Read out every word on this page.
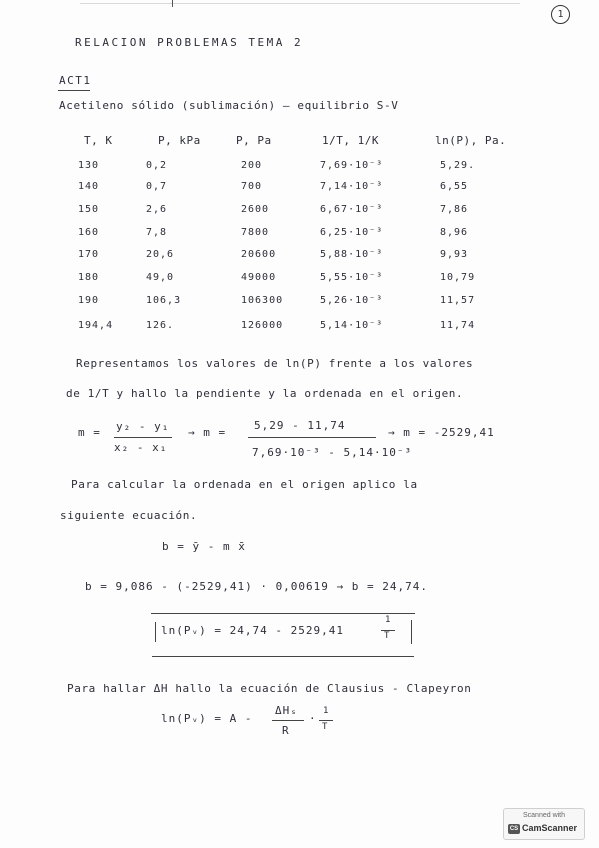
1
RELACION PROBLEMAS TEMA 2
ACT1
Acetileno sólido (sublimación) — equilibrio S-V
T, K	P, kPa	P, Pa	1/T, 1/K	ln(P), Pa.
130	0,2	200	7,69·10⁻³	5,29.
140	0,7	700	7,14·10⁻³	6,55
150	2,6	2600	6,67·10⁻³	7,86
160	7,8	7800	6,25·10⁻³	8,96
170	20,6	20600	5,88·10⁻³	9,93
180	49,0	49000	5,55·10⁻³	10,79
190	106,3	106300	5,26·10⁻³	11,57
194,4	126.	126000	5,14·10⁻³	11,74
Representamos los valores de ln(P) frente a los valores
de 1/T y hallo la pendiente y la ordenada en el origen.
m = y₂ - y₁
x₂ - x₁
→ m =
5,29 - 11,74
7,69·10⁻³ - 5,14·10⁻³
→ m = -2529,41
Para calcular la ordenada en el origen aplico la
siguiente ecuación.
b = ȳ - m x̄
b = 9,086 - (-2529,41) · 0,00619 → b = 24,74.
ln(Pᵥ) = 24,74 - 2529,41
1
T
Para hallar ΔH hallo la ecuación de Clausius - Clapeyron
ln(Pᵥ) = A -
ΔHₛ
R
·
1
T
Scanned with
CS CamScanner
